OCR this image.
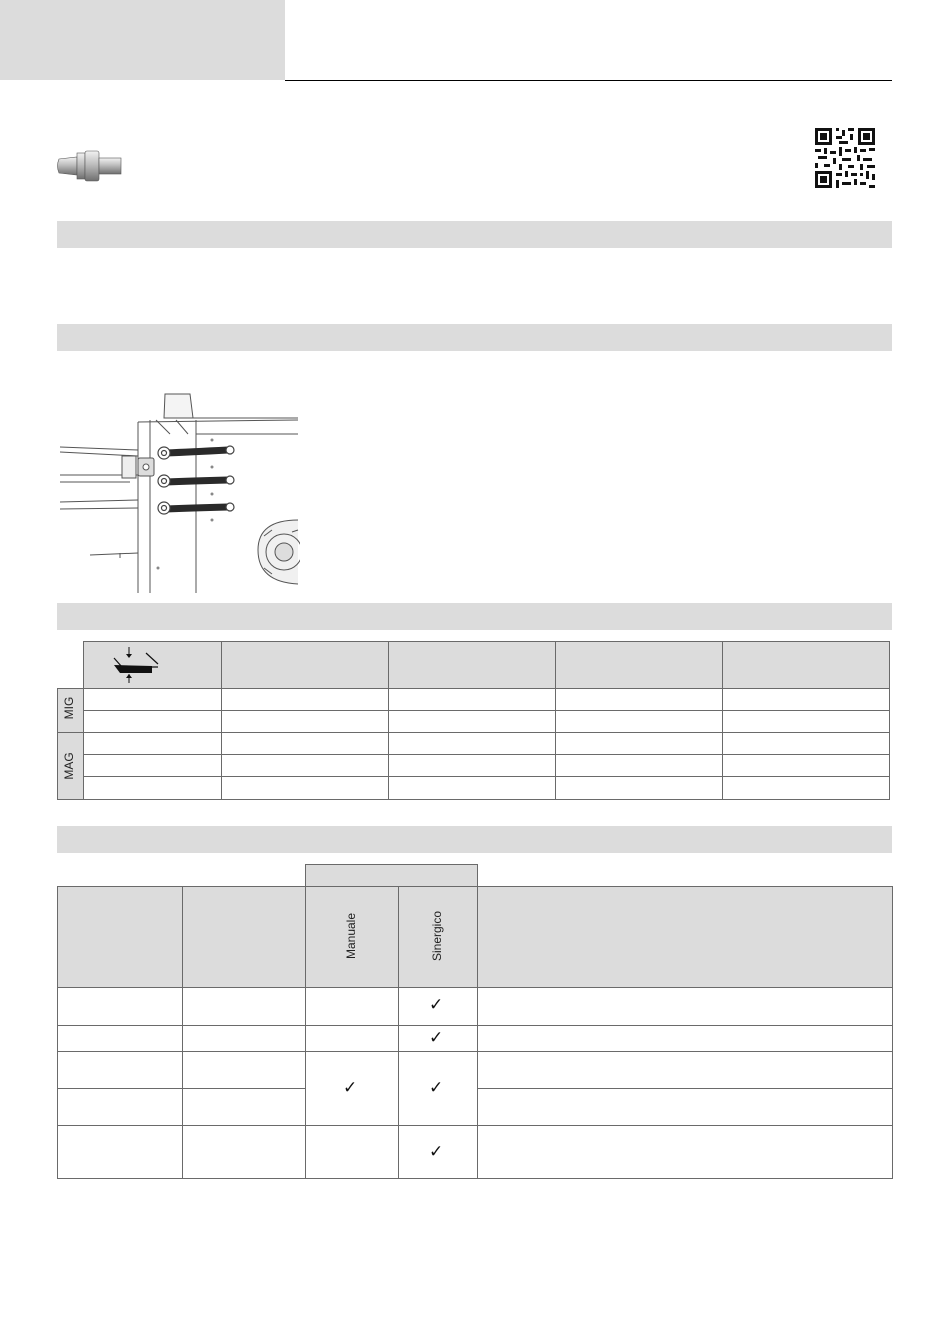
MIG
MAG
Manuale	Sinergico
✓
✓
✓	✓
✓
